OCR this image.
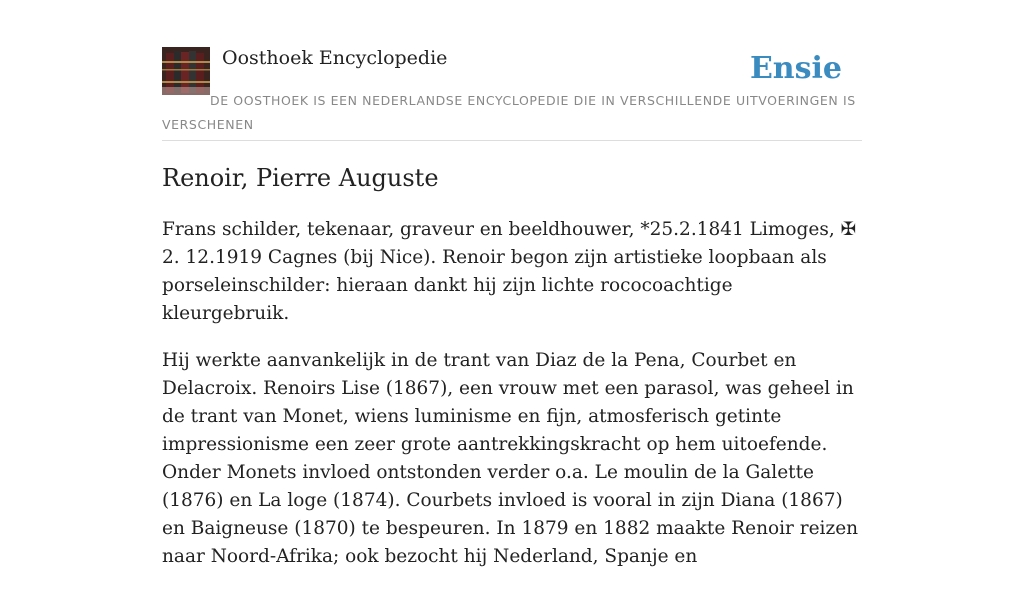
Oosthoek Encyclopedie	Ensie
DE OOSTHOEK IS EEN NEDERLANDSE ENCYCLOPEDIE DIE IN VERSCHILLENDE UITVOERINGEN IS VERSCHENEN
Renoir, Pierre Auguste

Frans schilder, tekenaar, graveur en beeldhouwer, *25.2.1841 Limoges, ✠ 2. 12.1919 Cagnes (bij Nice). Renoir begon zijn artistieke loopbaan als porseleinschilder: hieraan dankt hij zijn lichte rococoachtige kleurgebruik.

Hij werkte aanvankelijk in de trant van Diaz de la Pena, Courbet en Delacroix. Renoirs Lise (1867), een vrouw met een parasol, was geheel in de trant van Monet, wiens luminisme en fijn, atmosferisch getinte impressionisme een zeer grote aantrekkingskracht op hem uitoefende. Onder Monets invloed ontstonden verder o.a. Le moulin de la Galette (1876) en La loge (1874). Courbets invloed is vooral in zijn Diana (1867) en Baigneuse (1870) te bespeuren. In 1879 en 1882 maakte Renoir reizen naar Noord-Afrika; ook bezocht hij Nederland, Spanje en
